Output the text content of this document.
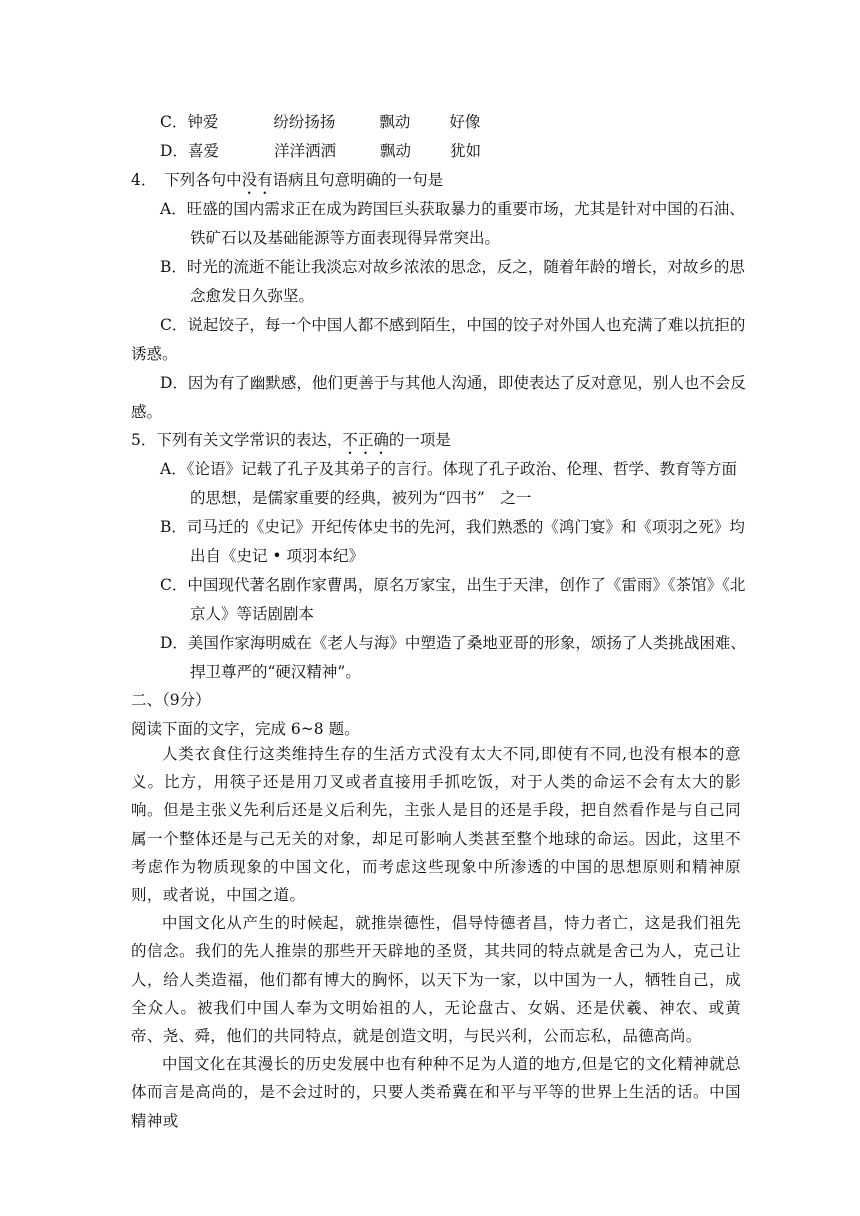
C．钟爱	纷纷扬扬	飘动	好像
D．喜爱	洋洋洒洒	飘动	犹如
4．　下列各句中没有语病且句意明确的一句是
A．旺盛的国内需求正在成为跨国巨头获取暴力的重要市场，尤其是针对中国的石油、
铁矿石以及基础能源等方面表现得异常突出。
B．时光的流逝不能让我淡忘对故乡浓浓的思念，反之，随着年龄的增长，对故乡的思
念愈发日久弥坚。
C．说起饺子，每一个中国人都不感到陌生，中国的饺子对外国人也充满了难以抗拒的
诱惑。
D．因为有了幽默感，他们更善于与其他人沟通，即使表达了反对意见，别人也不会反
感。
5．下列有关文学常识的表达，不正确的一项是
A．《论语》记载了孔子及其弟子的言行。体现了孔子政治、伦理、哲学、教育等方面
的思想，是儒家重要的经典，被列为“四书”　之一
B．司马迁的《史记》开纪传体史书的先河，我们熟悉的《鸿门宴》和《项羽之死》均
出自《史记 • 项羽本纪》
C．中国现代著名剧作家曹禺，原名万家宝，出生于天津，创作了《雷雨》《茶馆》《北
京人》等话剧剧本
D．美国作家海明威在《老人与海》中塑造了桑地亚哥的形象，颂扬了人类挑战困难、
捍卫尊严的“硬汉精神”。
二、（9分）
阅读下面的文字，完成 6~8 题。

人类衣食住行这类维持生存的生活方式没有太大不同,即使有不同,也没有根本的意义。比方，用筷子还是用刀叉或者直接用手抓吃饭，对于人类的命运不会有太大的影响。但是主张义先利后还是义后利先，主张人是目的还是手段，把自然看作是与自己同属一个整体还是与己无关的对象，却足可影响人类甚至整个地球的命运。因此，这里不考虑作为物质现象的中国文化，而考虑这些现象中所渗透的中国的思想原则和精神原则，或者说，中国之道。

中国文化从产生的时候起，就推崇德性，倡导恃德者昌，恃力者亡，这是我们祖先的信念。我们的先人推崇的那些开天辟地的圣贤，其共同的特点就是舍己为人，克己让人，给人类造福，他们都有博大的胸怀，以天下为一家，以中国为一人，牺牲自己，成全众人。被我们中国人奉为文明始祖的人，无论盘古、女娲、还是伏羲、神农、或黄帝、尧、舜，他们的共同特点，就是创造文明，与民兴利，公而忘私，品德高尚。

中国文化在其漫长的历史发展中也有种种不足为人道的地方,但是它的文化精神就总体而言是高尚的，是不会过时的，只要人类希冀在和平与平等的世界上生活的话。中国精神或
